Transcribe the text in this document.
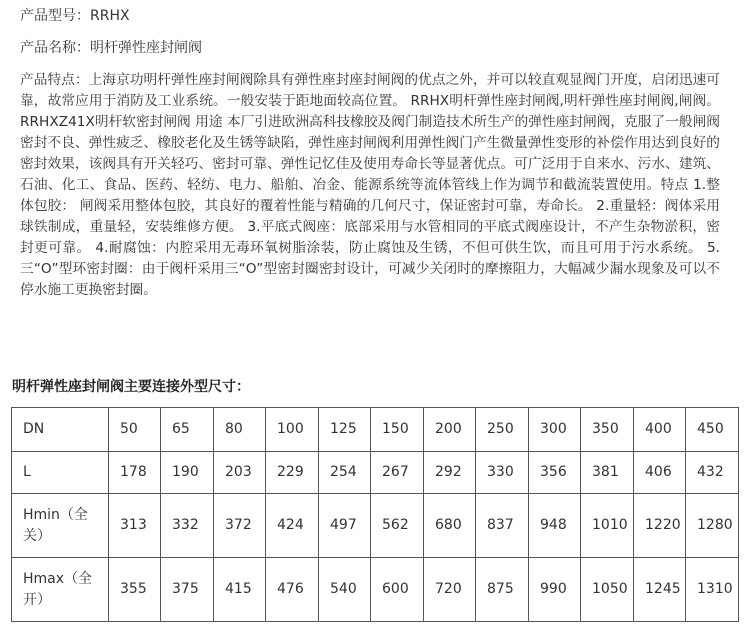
产品型号：RRHX
产品名称：明杆弹性座封闸阀

产品特点：上海京功明杆弹性座封闸阀除具有弹性座封座封闸阀的优点之外，并可以较直观显阀门开度，启闭迅速可靠，故常应用于消防及工业系统。一般安装于距地面较高位置。 RRHX明杆弹性座封闸阀,明杆弹性座封闸阀,闸阀。RRHXZ41X明杆软密封闸阀 用途 本厂引进欧洲高科技橡胶及阀门制造技术所生产的弹性座封闸阀，克服了一般闸阀密封不良、弹性疲乏、橡胶老化及生锈等缺陷，弹性座封闸阀利用弹性阀门产生微量弹性变形的补偿作用达到良好的密封效果，该阀具有开关轻巧、密封可靠、弹性记忆佳及使用寿命长等显著优点。可广泛用于自来水、污水、建筑、石油、化工、食品、医药、轻纺、电力、船舶、冶金、能源系统等流体管线上作为调节和截流装置使用。特点 1.整体包胶： 闸阀采用整体包胶，其良好的覆着性能与精确的几何尺寸，保证密封可靠，寿命长。 2.重量轻：阀体采用球铁制成，重量轻，安装维修方便。 3.平底式阀座：底部采用与水管相同的平底式阀座设计，不产生杂物淤积，密封更可靠。 4.耐腐蚀：内腔采用无毒环氧树脂涂装，防止腐蚀及生锈，不但可供生饮，而且可用于污水系统。 5.三“O”型环密封圈：由于阀杆采用三“O”型密封圈密封设计，可减少关闭时的摩擦阻力，大幅减少漏水现象及可以不停水施工更换密封圈。

明杆弹性座封闸阀主要连接外型尺寸：
DN	50	65	80	100	125	150	200	250	300	350	400	450
L	178	190	203	229	254	267	292	330	356	381	406	432
Hmin（全关）	313	332	372	424	497	562	680	837	948	1010	1220	1280
Hmax（全开）	355	375	415	476	540	600	720	875	990	1050	1245	1310
